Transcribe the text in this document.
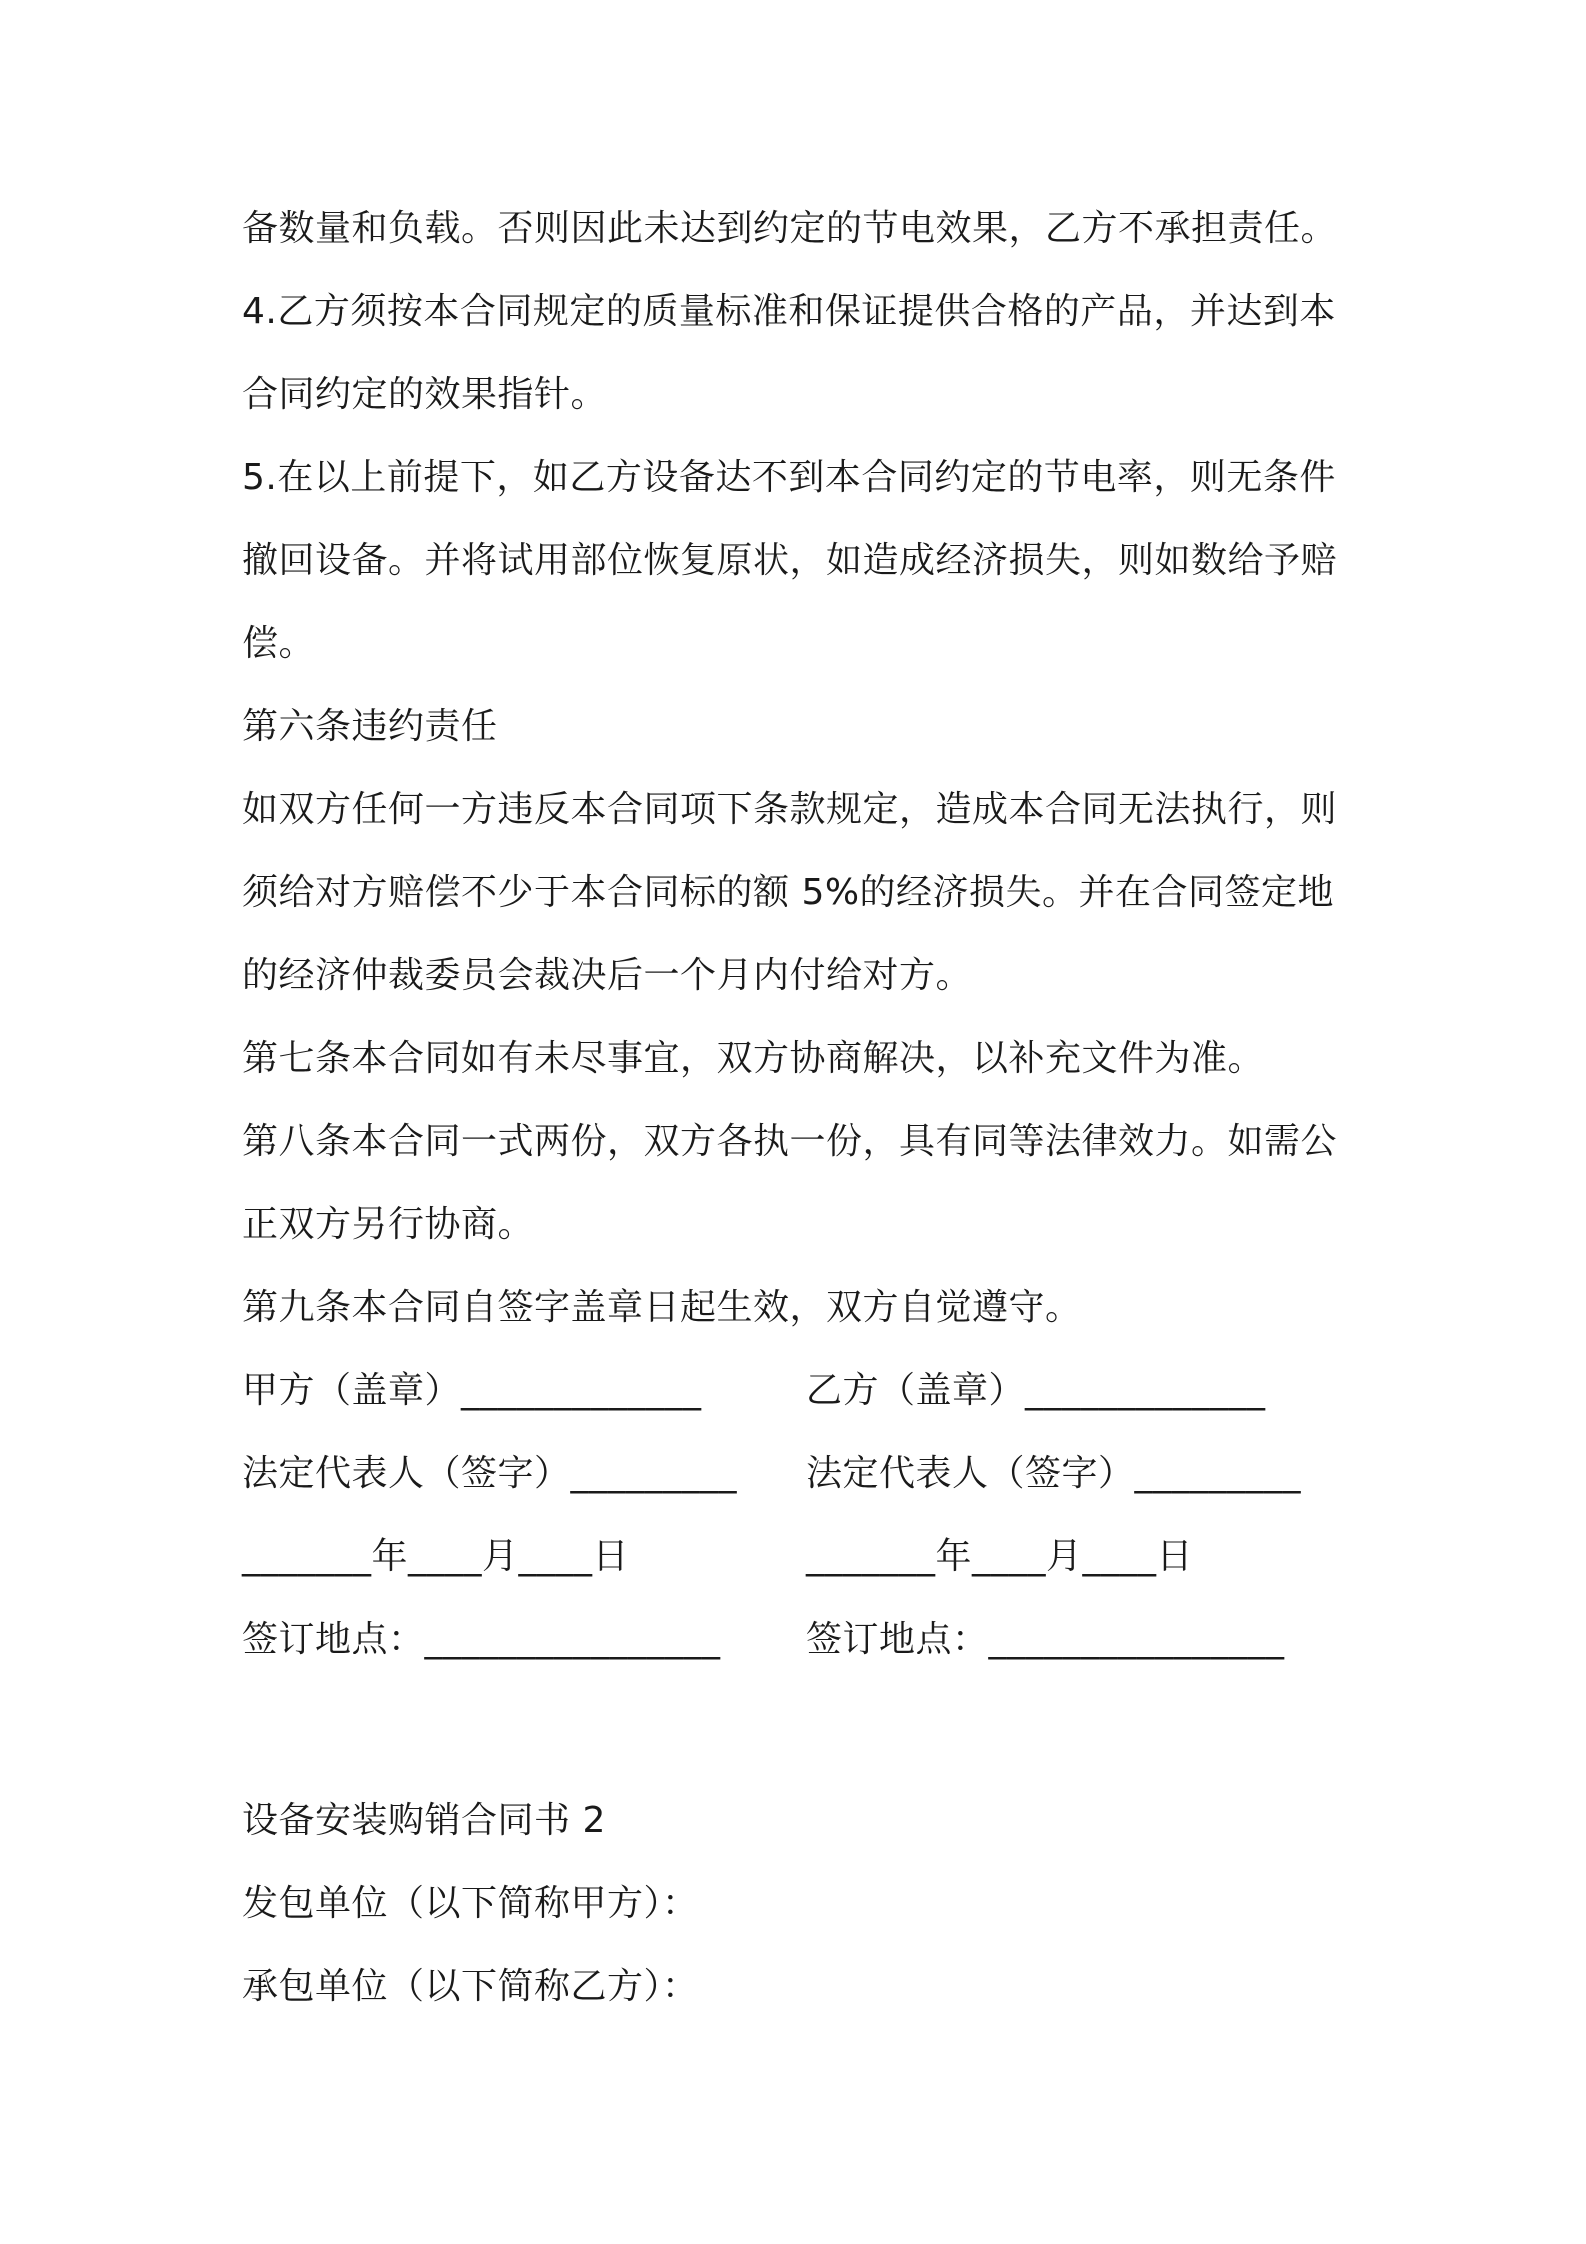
备数量和负载。否则因此未达到约定的节电效果，乙方不承担责任。
4.乙方须按本合同规定的质量标准和保证提供合格的产品，并达到本
合同约定的效果指针。
5.在以上前提下，如乙方设备达不到本合同约定的节电率，则无条件
撤回设备。并将试用部位恢复原状，如造成经济损失，则如数给予赔
偿。
第六条违约责任
如双方任何一方违反本合同项下条款规定，造成本合同无法执行，则
须给对方赔偿不少于本合同标的额 5%的经济损失。并在合同签定地
的经济仲裁委员会裁决后一个月内付给对方。
第七条本合同如有未尽事宜，双方协商解决，以补充文件为准。
第八条本合同一式两份，双方各执一份，具有同等法律效力。如需公
正双方另行协商。
第九条本合同自签字盖章日起生效，双方自觉遵守。
甲方（盖章）_____________	乙方（盖章）_____________
法定代表人（签字）_________ 法定代表人（签字）_________
_______年____月____日	_______年____月____日
签订地点：________________ 签订地点：________________
设备安装购销合同书 2
发包单位（以下简称甲方）：
承包单位（以下简称乙方）：
